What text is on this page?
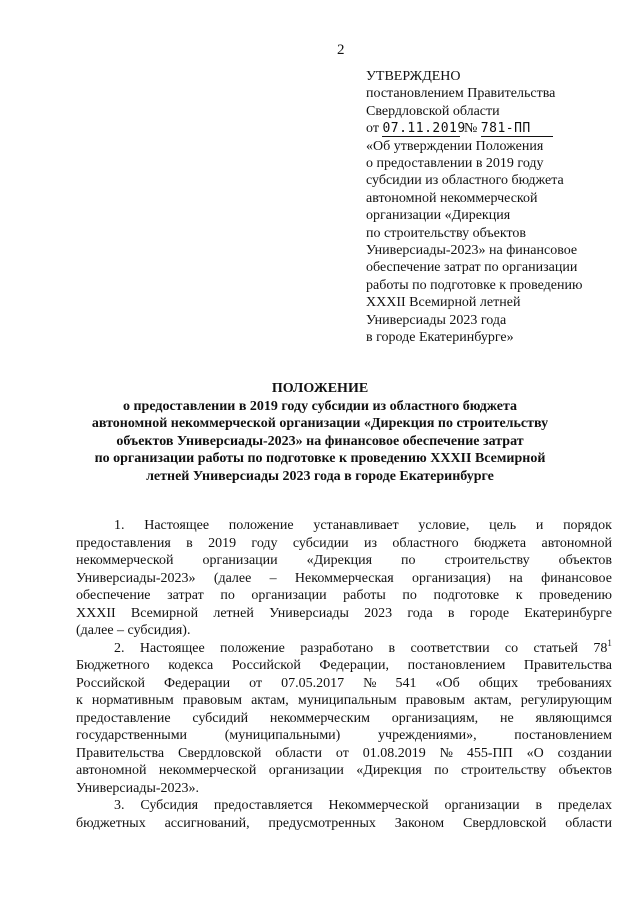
2
УТВЕРЖДЕНО
постановлением Правительства
Свердловской области
от 07.11.2019 № 781-ПП
«Об утверждении Положения
о предоставлении в 2019 году
субсидии из областного бюджета
автономной некоммерческой
организации «Дирекция
по строительству объектов
Универсиады-2023» на финансовое
обеспечение затрат по организации
работы по подготовке к проведению
XXXII Всемирной летней
Универсиады 2023 года
в городе Екатеринбурге»
ПОЛОЖЕНИЕ
о предоставлении в 2019 году субсидии из областного бюджета
автономной некоммерческой организации «Дирекция по строительству
объектов Универсиады-2023» на финансовое обеспечение затрат
по организации работы по подготовке к проведению XXXII Всемирной
летней Универсиады 2023 года в городе Екатеринбурге
1. Настоящее положение устанавливает условие, цель и порядок
предоставления в 2019 году субсидии из областного бюджета автономной
некоммерческой организации «Дирекция по строительству объектов
Универсиады-2023» (далее – Некоммерческая организация) на финансовое
обеспечение затрат по организации работы по подготовке к проведению
XXXII Всемирной летней Универсиады 2023 года в городе Екатеринбурге
(далее – субсидия).
2. Настоящее положение разработано в соответствии со статьей $78^1$
Бюджетного кодекса Российской Федерации, постановлением Правительства
Российской Федерации от 07.05.2017 № 541 «Об общих требованиях
к нормативным правовым актам, муниципальным правовым актам, регулирующим
предоставление субсидий некоммерческим организациям, не являющимся
государственными	(муниципальными)	учреждениями»,	постановлением
Правительства Свердловской области от 01.08.2019 № 455-ПП «О создании
автономной некоммерческой организации «Дирекция по строительству объектов
Универсиады-2023».
3. Субсидия предоставляется Некоммерческой организации в пределах
бюджетных ассигнований, предусмотренных Законом Свердловской области
